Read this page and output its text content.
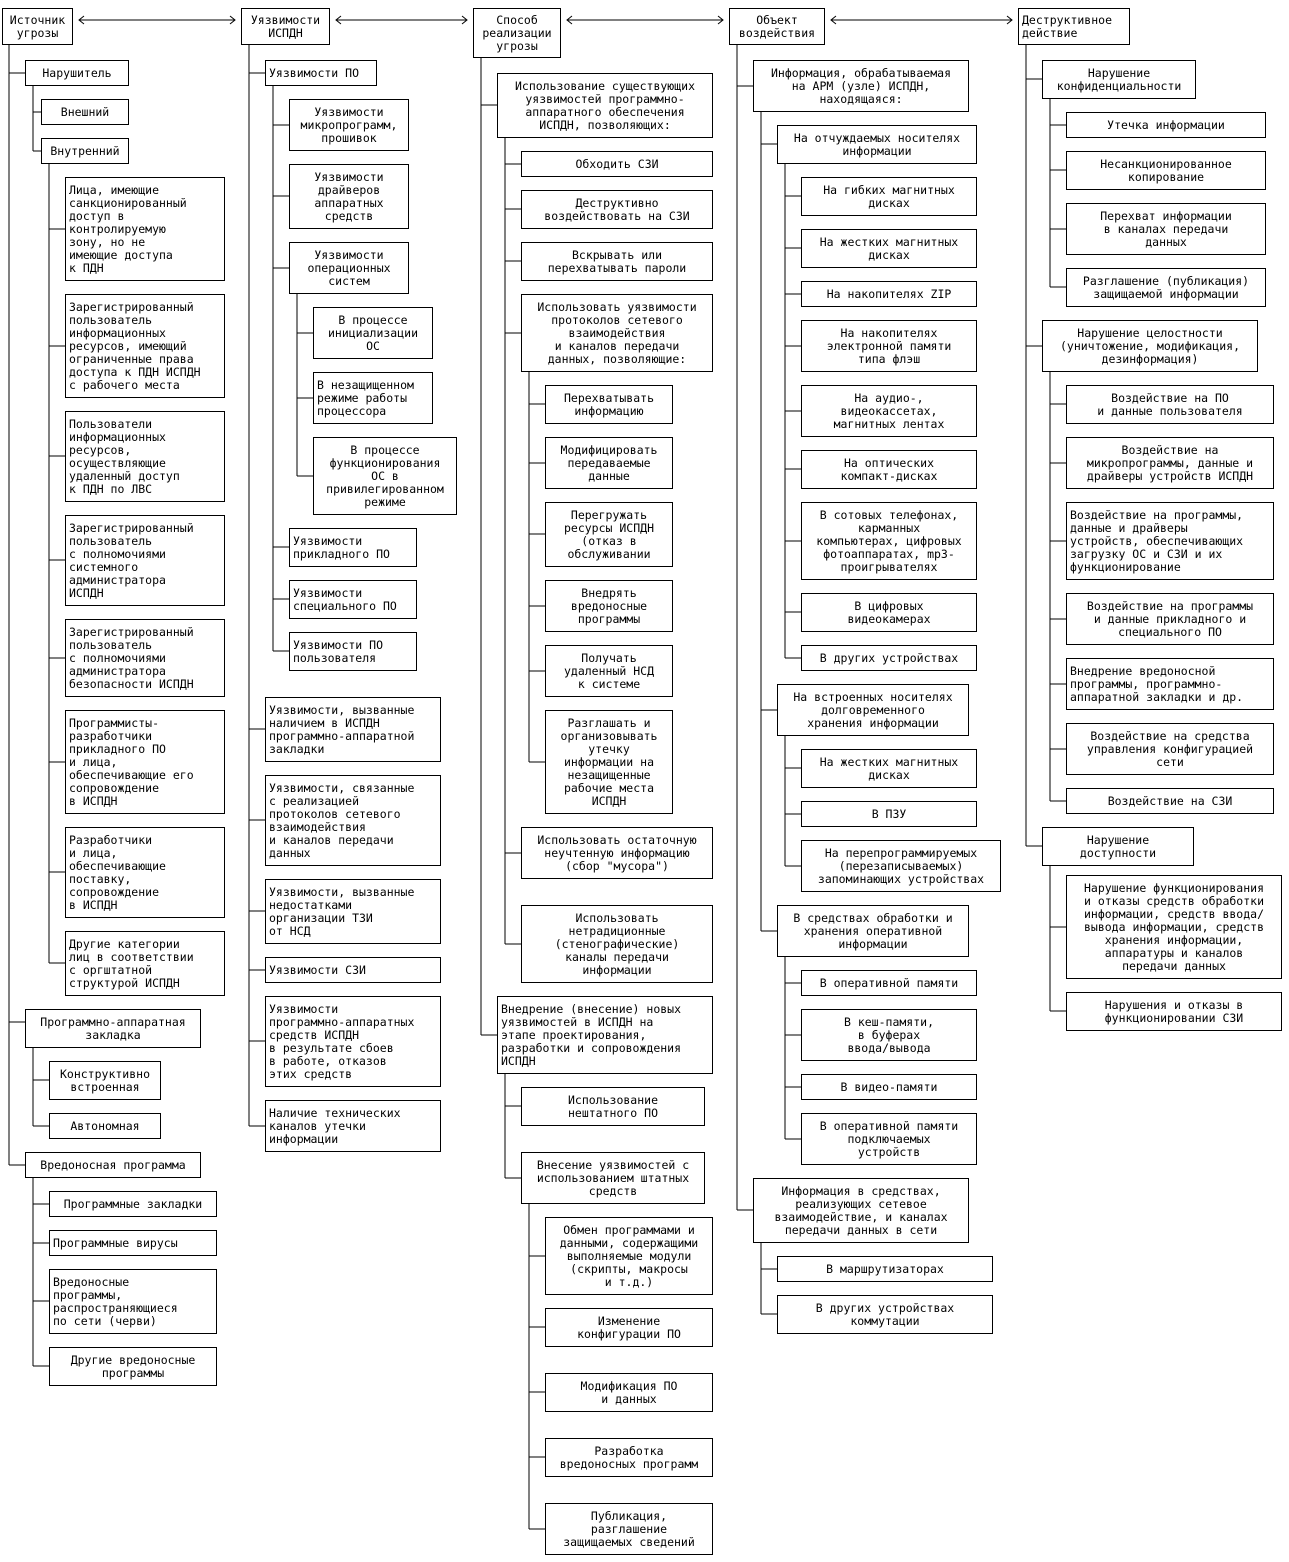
Источник
угрозы
Уязвимости
ИСПДН
Способ
реализации
угрозы
Объект
воздействия
Деструктивное
действие
Нарушитель
Внешний
Внутренний
Лица, имеющие
санкционированный
доступ в
контролируемую
зону, но не
имеющие доступа
к ПДН
Зарегистрированный
пользователь
информационных
ресурсов, имеющий
ограниченные права
доступа к ПДН ИСПДН
с рабочего места
Пользователи
информационных
ресурсов,
осуществляющие
удаленный доступ
к ПДН по ЛВС
Зарегистрированный
пользователь
с полномочиями
системного
администратора
ИСПДН
Зарегистрированный
пользователь
с полномочиями
администратора
безопасности ИСПДН
Программисты-
разработчики
прикладного ПО
и лица,
обеспечивающие его
сопровождение
в ИСПДН
Разработчики
и лица,
обеспечивающие
поставку,
сопровождение
в ИСПДН
Другие категории
лиц в соответствии
с оргштатной
структурой ИСПДН
Программно-аппаратная
закладка
Конструктивно
встроенная
Автономная
Вредоносная программа
Программные закладки
Программные вирусы
Вредоносные
программы,
распространяющиеся
по сети (черви)
Другие вредоносные
программы
Уязвимости ПО
Уязвимости
микропрограмм,
прошивок
Уязвимости
драйверов
аппаратных
средств
Уязвимости
операционных
систем
В процессе
инициализации
ОС
В незащищенном
режиме работы
процессора
В процессе
функционирования
ОС в
привилегированном
режиме
Уязвимости
прикладного ПО
Уязвимости
специального ПО
Уязвимости ПО
пользователя
Уязвимости, вызванные
наличием в ИСПДН
программно-аппаратной
закладки
Уязвимости, связанные
с реализацией
протоколов сетевого
взаимодействия
и каналов передачи
данных
Уязвимости, вызванные
недостатками
организации ТЗИ
от НСД
Уязвимости СЗИ
Уязвимости
программно-аппаратных
средств ИСПДН
в результате сбоев
в работе, отказов
этих средств
Наличие технических
каналов утечки
информации
Использование существующих
уязвимостей программно-
аппаратного обеспечения
ИСПДН, позволяющих:
Обходить СЗИ
Деструктивно
воздействовать на СЗИ
Вскрывать или
перехватывать пароли
Использовать уязвимости
протоколов сетевого
взаимодействия
и каналов передачи
данных, позволяющие:
Перехватывать
информацию
Модифицировать
передаваемые
данные
Перегружать
ресурсы ИСПДН
(отказ в
обслуживании
Внедрять
вредоносные
программы
Получать
удаленный НСД
к системе
Разглашать и
организовывать
утечку
информации на
незащищенные
рабочие места
ИСПДН
Использовать остаточную
неучтенную информацию
(сбор "мусора")
Использовать
нетрадиционные
(стенографические)
каналы передачи
информации
Внедрение (внесение) новых
уязвимостей в ИСПДН на
этапе проектирования,
разработки и сопровождения
ИСПДН
Использование
нештатного ПО
Внесение уязвимостей с
использованием штатных
средств
Обмен программами и
данными, содержащими
выполняемые модули
(скрипты, макросы
и т.д.)
Изменение
конфигурации ПО
Модификация ПО
и данных
Разработка
вредоносных программ
Публикация,
разглашение
защищаемых сведений
Информация, обрабатываемая
на АРМ (узле) ИСПДН,
находящаяся:
На отчуждаемых носителях
информации
На гибких магнитных
дисках
На жестких магнитных
дисках
На накопителях ZIP
На накопителях
электронной памяти
типа флэш
На аудио-,
видеокассетах,
магнитных лентах
На оптических
компакт-дисках
В сотовых телефонах,
карманных
компьютерах, цифровых
фотоаппаратах, mp3-
проигрывателях
В цифровых
видеокамерах
В других устройствах
На встроенных носителях
долговременного
хранения информации
На жестких магнитных
дисках
В ПЗУ
На перепрограммируемых
(перезаписываемых)
запоминающих устройствах
В средствах обработки и
хранения оперативной
информации
В оперативной памяти
В кеш-памяти,
в буферах
ввода/вывода
В видео-памяти
В оперативной памяти
подключаемых
устройств
Информация в средствах,
реализующих сетевое
взаимодействие, и каналах
передачи данных в сети
В маршрутизаторах
В других устройствах
коммутации
Нарушение
конфиденциальности
Утечка информации
Несанкционированное
копирование
Перехват информации
в каналах передачи
данных
Разглашение (публикация)
защищаемой информации
Нарушение целостности
(уничтожение, модификация,
дезинформация)
Воздействие на ПО
и данные пользователя
Воздействие на
микропрограммы, данные и
драйверы устройств ИСПДН
Воздействие на программы,
данные и драйверы
устройств, обеспечивающих
загрузку ОС и СЗИ и их
функционирование
Воздействие на программы
и данные прикладного и
специального ПО
Внедрение вредоносной
программы, программно-
аппаратной закладки и др.
Воздействие на средства
управления конфигурацией
сети
Воздействие на СЗИ
Нарушение
доступности
Нарушение функционирования
и отказы средств обработки
информации, средств ввода/
вывода информации, средств
хранения информации,
аппаратуры и каналов
передачи данных
Нарушения и отказы в
функционировании СЗИ
